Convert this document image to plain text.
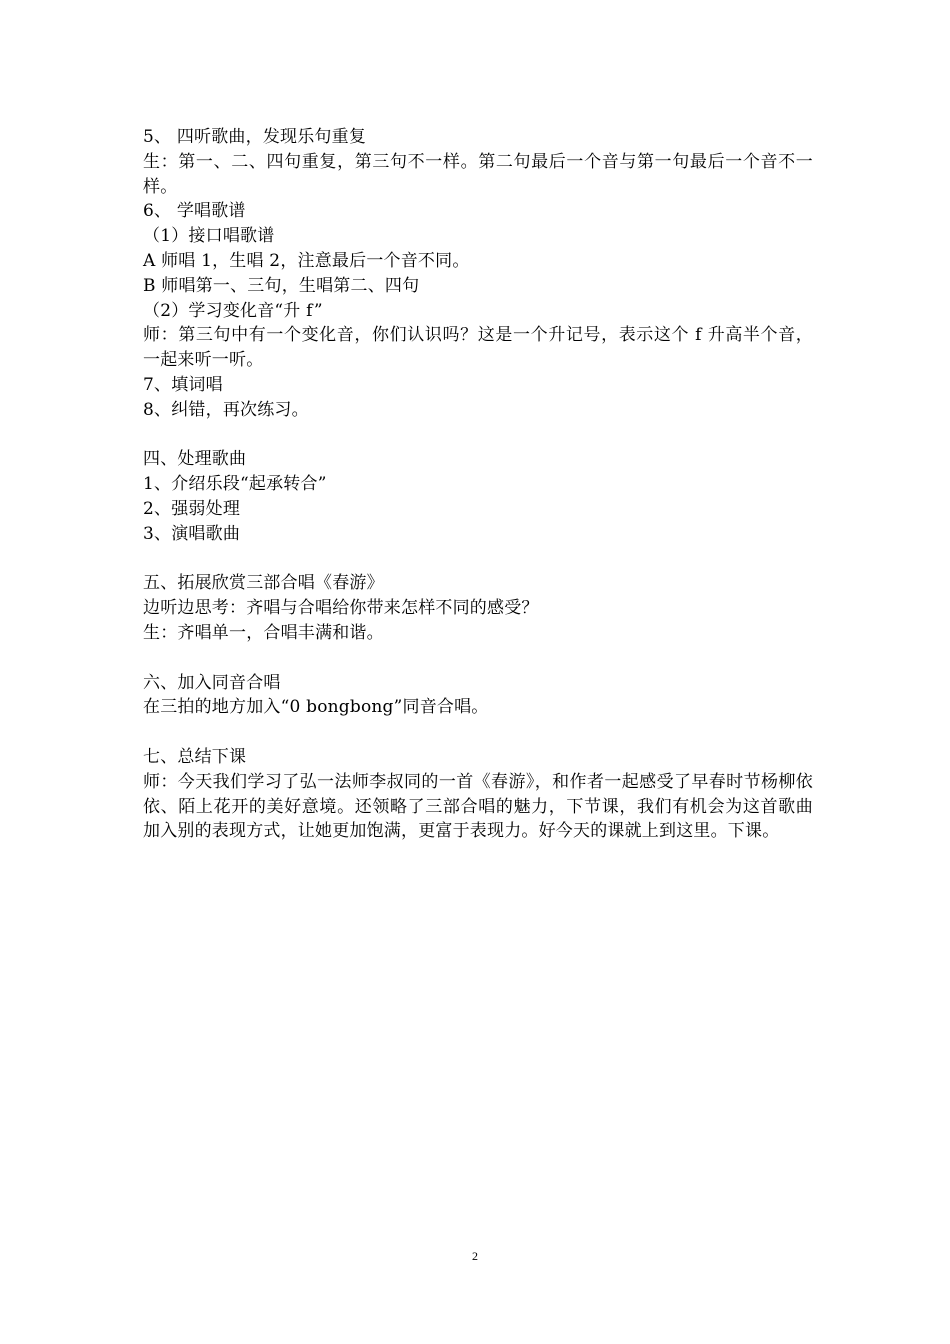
5、 四听歌曲，发现乐句重复
生：第一、二、四句重复，第三句不一样。第二句最后一个音与第一句最后一个音不一样。
6、 学唱歌谱
（1）接口唱歌谱
A 师唱 1，生唱 2，注意最后一个音不同。
B 师唱第一、三句，生唱第二、四句
（2）学习变化音“升 f”
师：第三句中有一个变化音，你们认识吗？这是一个升记号，表示这个 f 升高半个音，一起来听一听。
7、填词唱
8、纠错，再次练习。
四、处理歌曲
1、介绍乐段“起承转合”
2、强弱处理
3、演唱歌曲
五、拓展欣赏三部合唱《春游》
边听边思考：齐唱与合唱给你带来怎样不同的感受？
生：齐唱单一，合唱丰满和谐。
六、加入同音合唱
在三拍的地方加入“0 bongbong”同音合唱。
七、总结下课
师：今天我们学习了弘一法师李叔同的一首《春游》，和作者一起感受了早春时节杨柳依依、陌上花开的美好意境。还领略了三部合唱的魅力，下节课，我们有机会为这首歌曲加入别的表现方式，让她更加饱满，更富于表现力。好今天的课就上到这里。下课。
2
